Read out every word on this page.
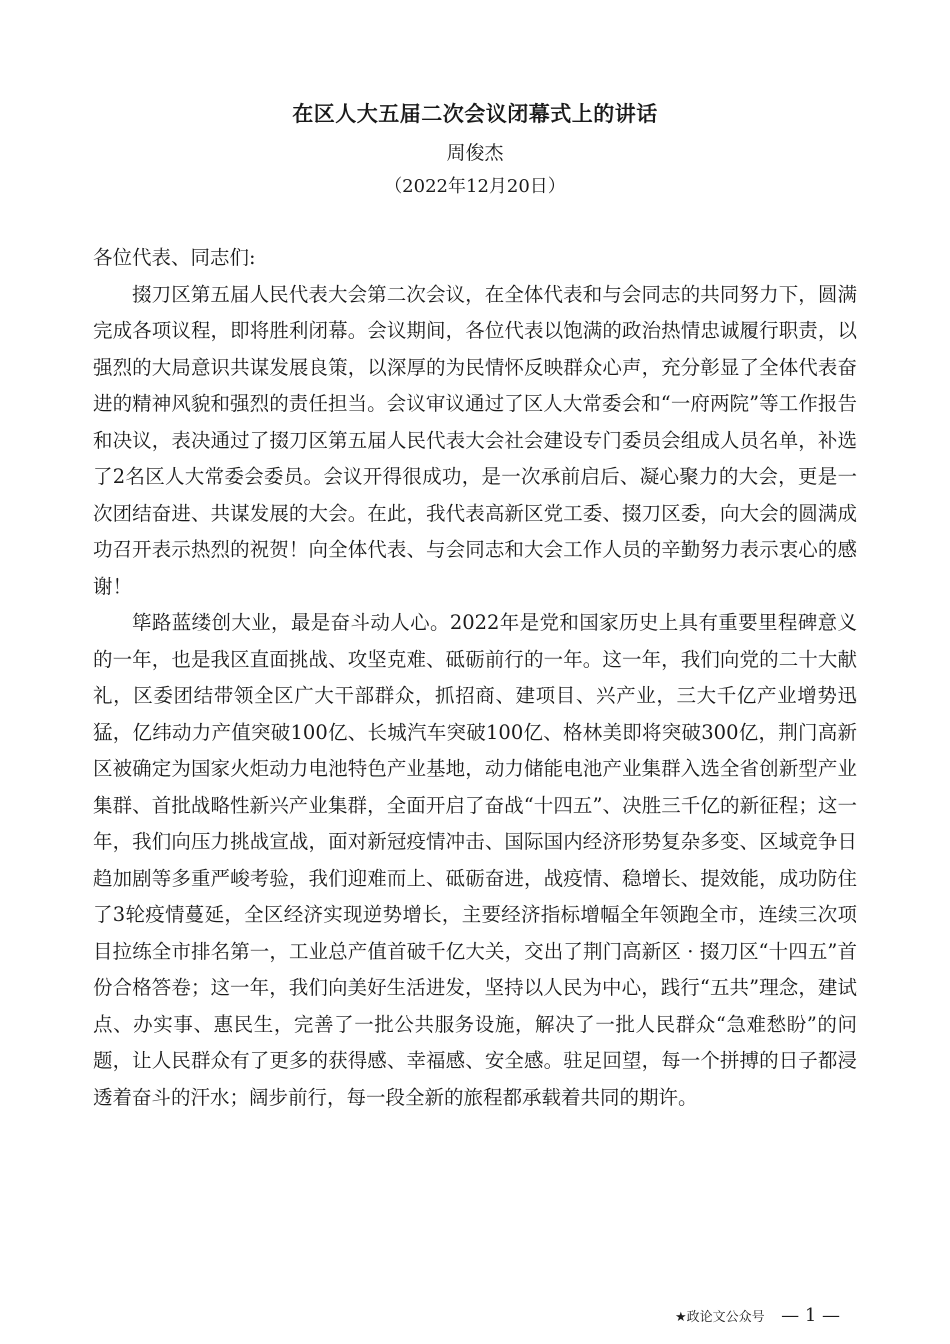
在区人大五届二次会议闭幕式上的讲话
周俊杰
（2022年12月20日）

各位代表、同志们:

掇刀区第五届人民代表大会第二次会议，在全体代表和与会同志的共同努力下，圆满完成各项议程，即将胜利闭幕。会议期间，各位代表以饱满的政治热情忠诚履行职责，以强烈的大局意识共谋发展良策，以深厚的为民情怀反映群众心声，充分彰显了全体代表奋进的精神风貌和强烈的责任担当。会议审议通过了区人大常委会和“一府两院”等工作报告和决议，表决通过了掇刀区第五届人民代表大会社会建设专门委员会组成人员名单，补选了2名区人大常委会委员。会议开得很成功，是一次承前启后、凝心聚力的大会，更是一次团结奋进、共谋发展的大会。在此，我代表高新区党工委、掇刀区委，向大会的圆满成功召开表示热烈的祝贺！向全体代表、与会同志和大会工作人员的辛勤努力表示衷心的感谢！

筚路蓝缕创大业，最是奋斗动人心。2022年是党和国家历史上具有重要里程碑意义的一年，也是我区直面挑战、攻坚克难、砥砺前行的一年。这一年，我们向党的二十大献礼，区委团结带领全区广大干部群众，抓招商、建项目、兴产业，三大千亿产业增势迅猛，亿纬动力产值突破100亿、长城汽车突破100亿、格林美即将突破300亿，荆门高新区被确定为国家火炬动力电池特色产业基地，动力储能电池产业集群入选全省创新型产业集群、首批战略性新兴产业集群，全面开启了奋战“十四五”、决胜三千亿的新征程；这一年，我们向压力挑战宣战，面对新冠疫情冲击、国际国内经济形势复杂多变、区域竞争日趋加剧等多重严峻考验，我们迎难而上、砥砺奋进，战疫情、稳增长、提效能，成功防住了3轮疫情蔓延，全区经济实现逆势增长，主要经济指标增幅全年领跑全市，连续三次项目拉练全市排名第一，工业总产值首破千亿大关，交出了荆门高新区 · 掇刀区“十四五”首份合格答卷；这一年，我们向美好生活进发，坚持以人民为中心，践行“五共”理念，建试点、办实事、惠民生，完善了一批公共服务设施，解决了一批人民群众“急难愁盼”的问题，让人民群众有了更多的获得感、幸福感、安全感。驻足回望，每一个拼搏的日子都浸透着奋斗的汗水；阔步前行，每一段全新的旅程都承载着共同的期许。

★政论文公众号 — 1 —
